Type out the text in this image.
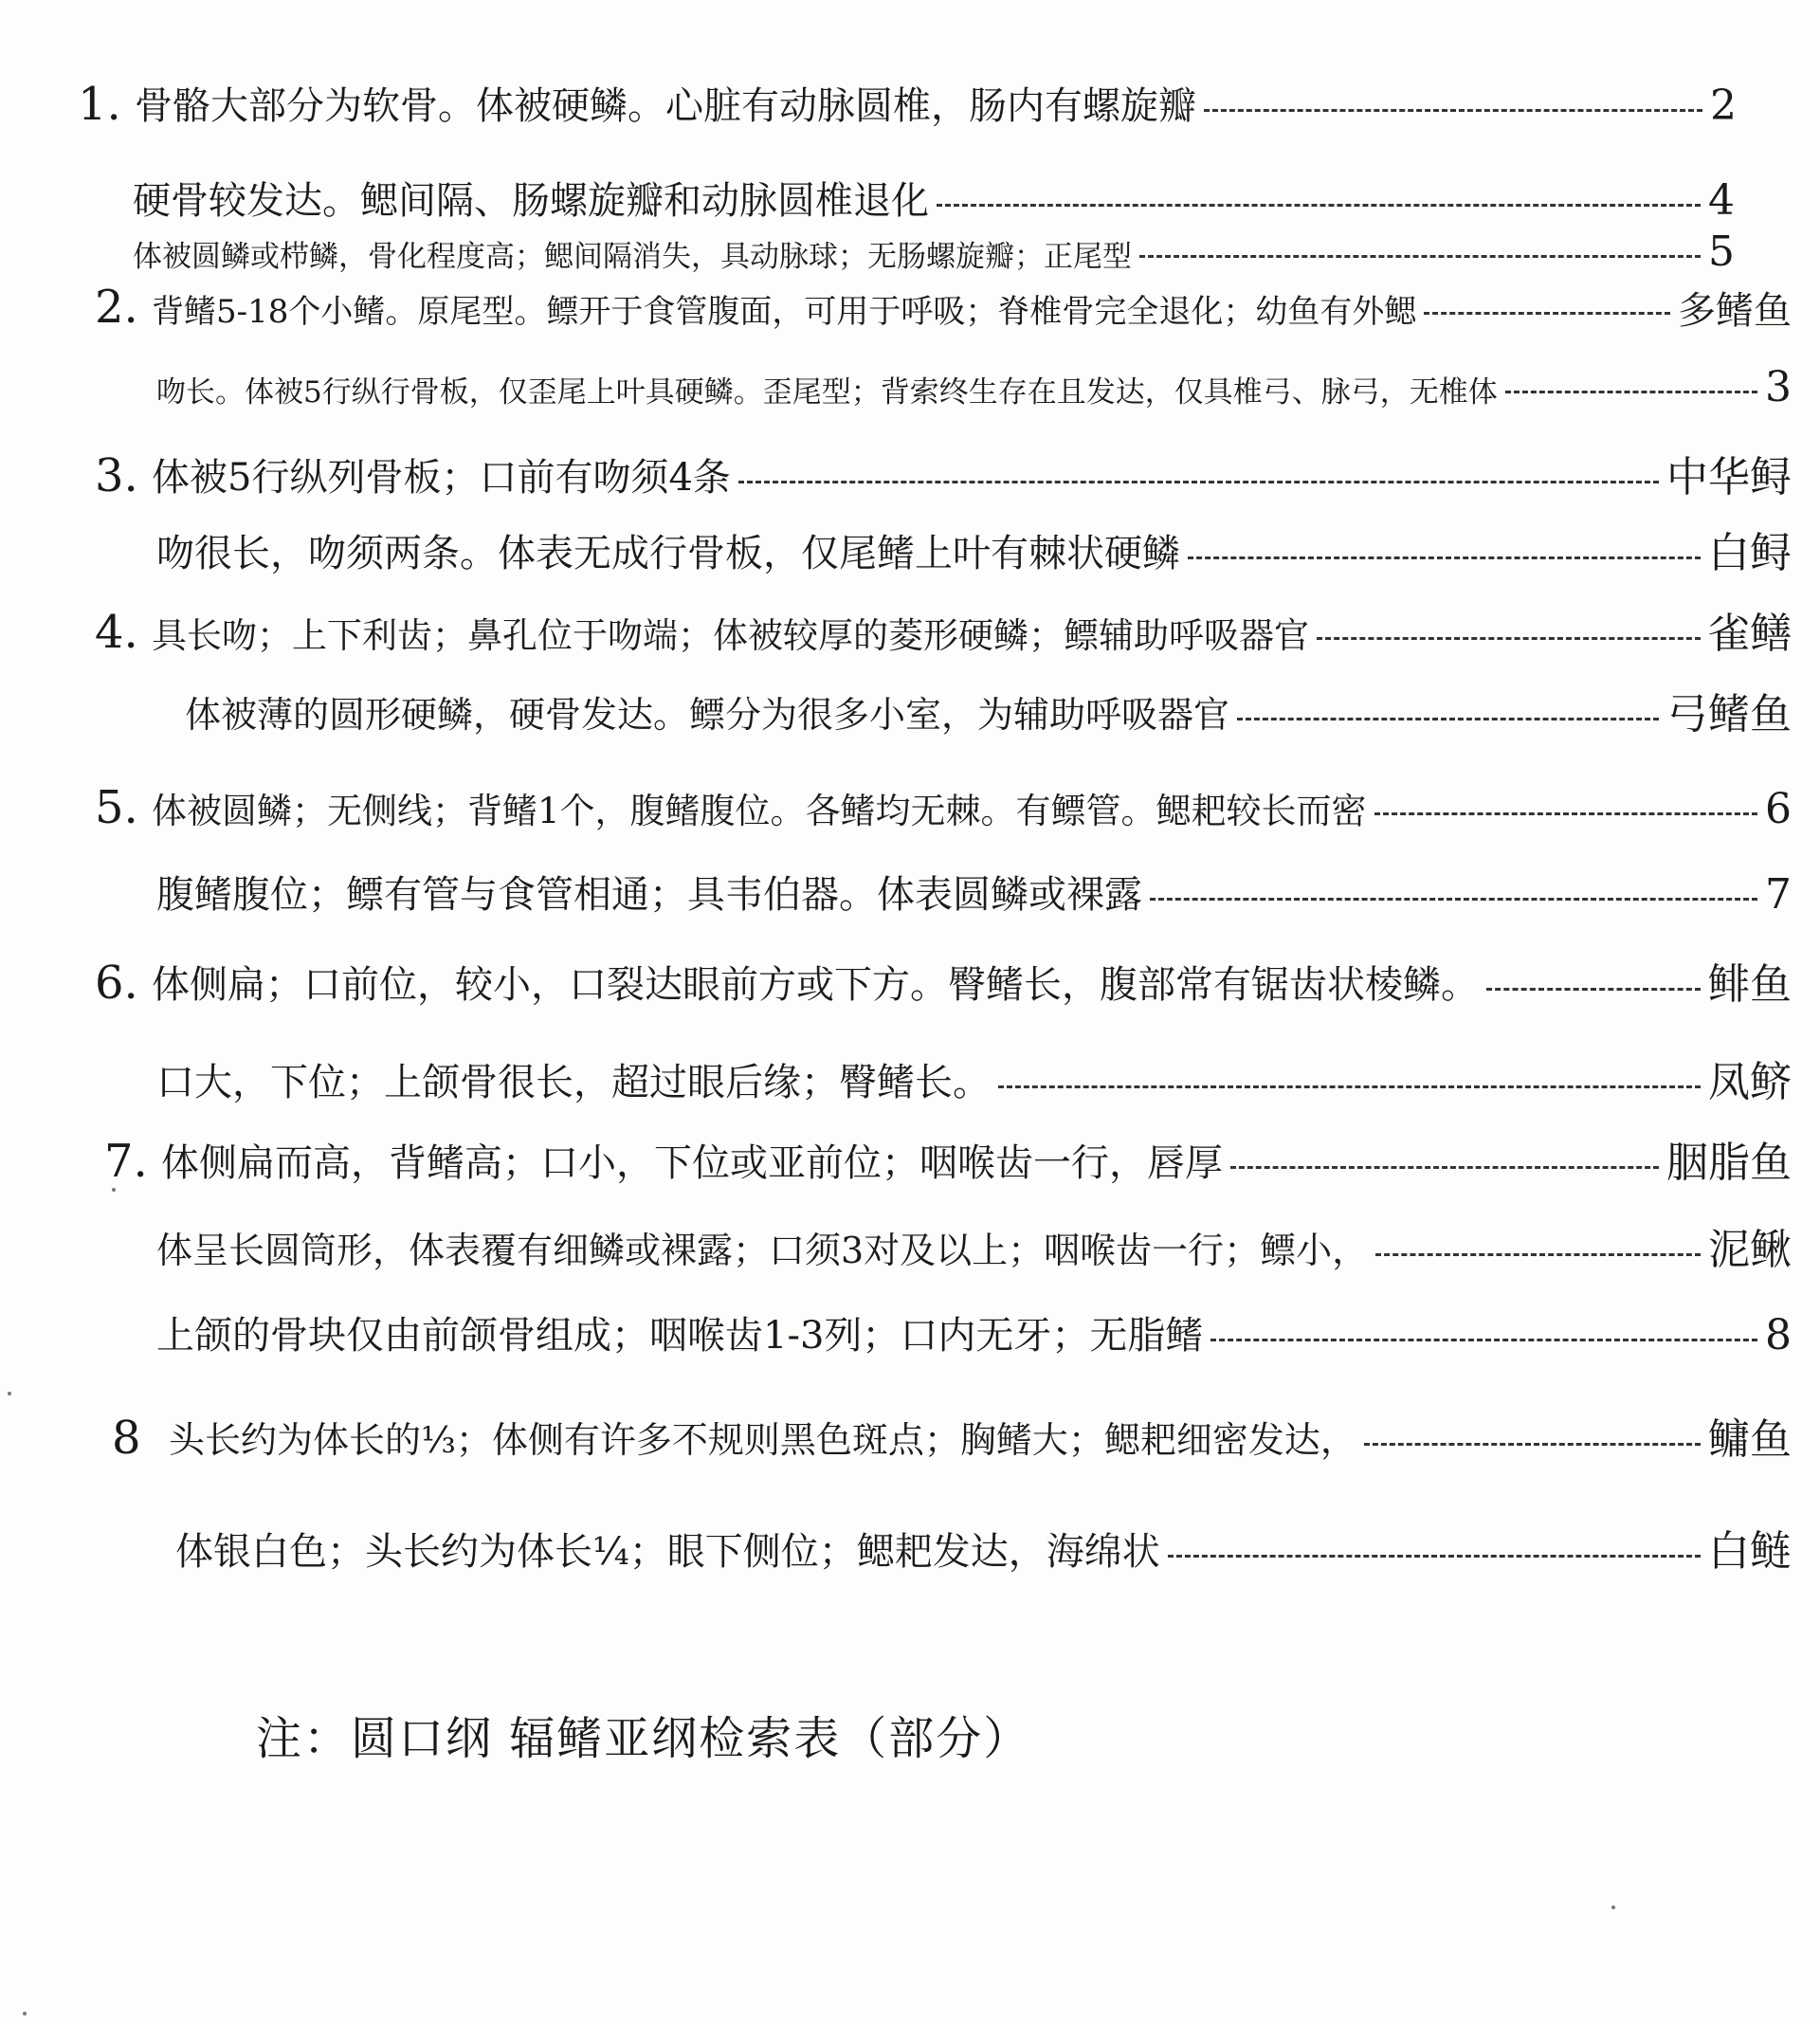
1. 骨骼大部分为软骨。体被硬鳞。心脏有动脉圆椎，肠内有螺旋瓣	2
硬骨较发达。鳃间隔、肠螺旋瓣和动脉圆椎退化	4
体被圆鳞或栉鳞，骨化程度高；鳃间隔消失，具动脉球；无肠螺旋瓣；正尾型	5
2. 背鳍5-18个小鳍。原尾型。鳔开于食管腹面，可用于呼吸；脊椎骨完全退化；幼鱼有外鳃	多鳍鱼
吻长。体被5行纵行骨板，仅歪尾上叶具硬鳞。歪尾型；背索终生存在且发达，仅具椎弓、脉弓，无椎体	3
3. 体被5行纵列骨板；口前有吻须4条	中华鲟
吻很长，吻须两条。体表无成行骨板，仅尾鳍上叶有棘状硬鳞	白鲟
4. 具长吻；上下利齿；鼻孔位于吻端；体被较厚的菱形硬鳞；鳔辅助呼吸器官	雀鳝
体被薄的圆形硬鳞，硬骨发达。鳔分为很多小室，为辅助呼吸器官	弓鳍鱼
5. 体被圆鳞；无侧线；背鳍1个，腹鳍腹位。各鳍均无棘。有鳔管。鳃耙较长而密	6
腹鳍腹位；鳔有管与食管相通；具韦伯器。体表圆鳞或裸露	7
6. 体侧扁；口前位，较小，口裂达眼前方或下方。臀鳍长，腹部常有锯齿状棱鳞。	鲱鱼
口大，下位；上颌骨很长，超过眼后缘；臀鳍长。	凤鲚
7. 体侧扁而高，背鳍高；口小，下位或亚前位；咽喉齿一行，唇厚	胭脂鱼
体呈长圆筒形，体表覆有细鳞或裸露；口须3对及以上；咽喉齿一行；鳔小，	泥鳅
上颌的骨块仅由前颌骨组成；咽喉齿1-3列；口内无牙；无脂鳍	8
8 头长约为体长的⅓；体侧有许多不规则黑色斑点；胸鳍大；鳃耙细密发达，	鳙鱼
体银白色；头长约为体长¼；眼下侧位；鳃耙发达，海绵状	白鲢
注：圆口纲 辐鳍亚纲检索表（部分）
